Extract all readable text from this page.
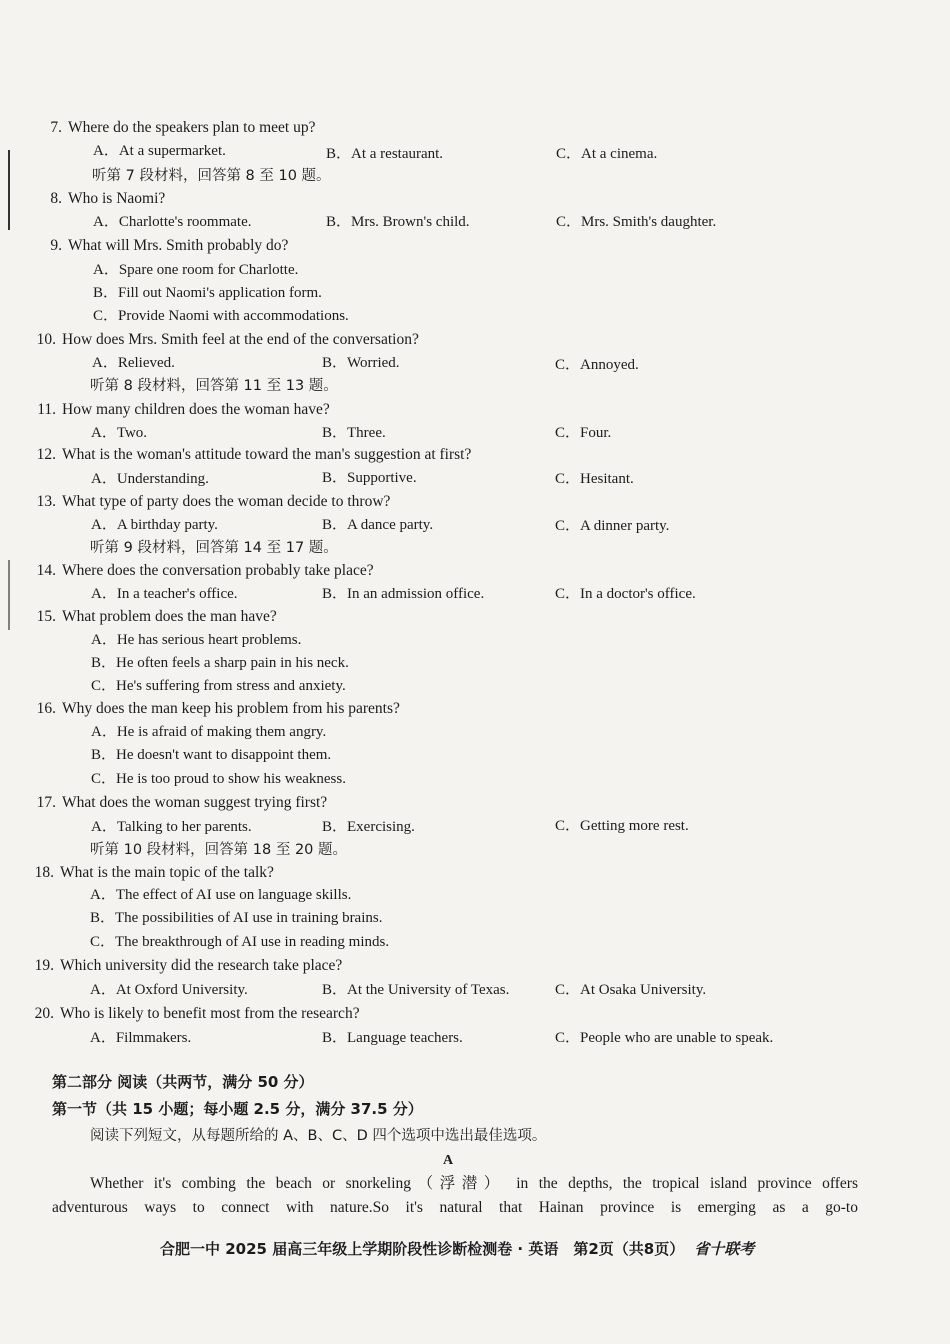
7. Where do the speakers plan to meet up?
A．At a supermarket.	B．At a restaurant.	C．At a cinema.
听第 7 段材料，回答第 8 至 10 题。
8. Who is Naomi?
A．Charlotte's roommate.	B．Mrs. Brown's child.	C．Mrs. Smith's daughter.
9. What will Mrs. Smith probably do?
A．Spare one room for Charlotte.
B．Fill out Naomi's application form.
C．Provide Naomi with accommodations.
10. How does Mrs. Smith feel at the end of the conversation?
A．Relieved.	B．Worried.	C．Annoyed.
听第 8 段材料，回答第 11 至 13 题。
11. How many children does the woman have?
A．Two.	B．Three.	C．Four.
12. What is the woman's attitude toward the man's suggestion at first?
A．Understanding.	B．Supportive.	C．Hesitant.
13. What type of party does the woman decide to throw?
A．A birthday party.	B．A dance party.	C．A dinner party.
听第 9 段材料，回答第 14 至 17 题。
14. Where does the conversation probably take place?
A．In a teacher's office.	B．In an admission office.	C．In a doctor's office.
15. What problem does the man have?
A．He has serious heart problems.
B．He often feels a sharp pain in his neck.
C．He's suffering from stress and anxiety.
16. Why does the man keep his problem from his parents?
A．He is afraid of making them angry.
B．He doesn't want to disappoint them.
C．He is too proud to show his weakness.
17. What does the woman suggest trying first?
A．Talking to her parents.	B．Exercising.	C．Getting more rest.
听第 10 段材料，回答第 18 至 20 题。
18. What is the main topic of the talk?
A．The effect of AI use on language skills.
B．The possibilities of AI use in training brains.
C．The breakthrough of AI use in reading minds.
19. Which university did the research take place?
A．At Oxford University.	B．At the University of Texas.	C．At Osaka University.
20. Who is likely to benefit most from the research?
A．Filmmakers.	B．Language teachers.	C．People who are unable to speak.
第二部分 阅读（共两节，满分 50 分）
第一节（共 15 小题；每小题 2.5 分，满分 37.5 分）
阅读下列短文，从每题所给的 A、B、C、D 四个选项中选出最佳选项。
A
Whether it's combing the beach or snorkeling（浮潜） in the depths, the tropical island province offers
adventurous ways to connect with nature.So it's natural that Hainan province is emerging as a go-to
合肥一中 2025 届高三年级上学期阶段性诊断检测卷 · 英语　第2页（共8页） 省十联考
